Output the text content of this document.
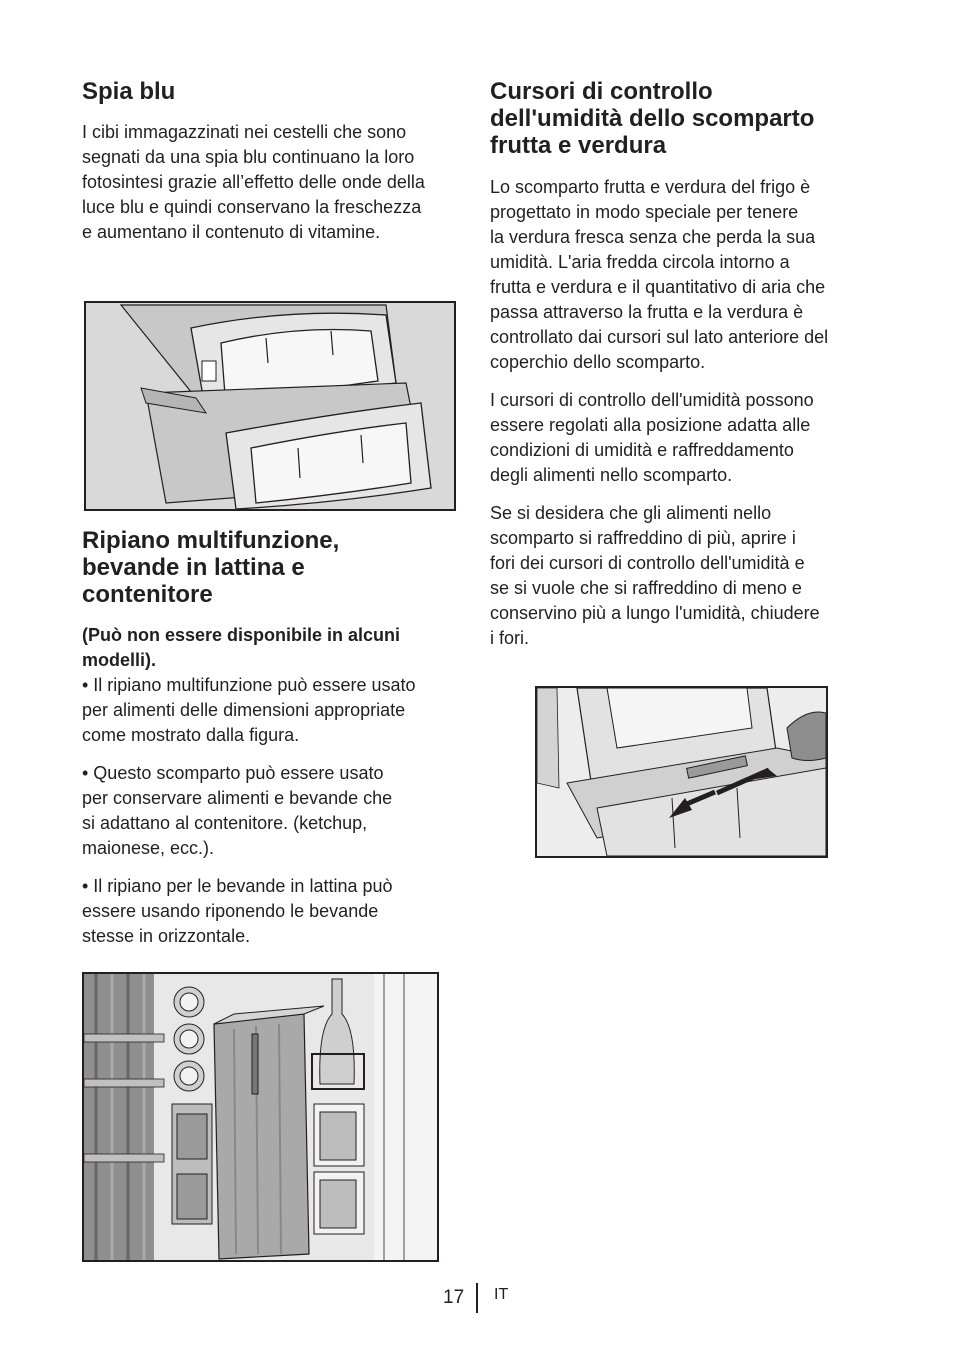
Spia blu

I cibi immagazzinati nei cestelli che sono
segnati da una spia blu continuano la loro
fotosintesi grazie all’effetto delle onde della
luce blu e quindi conservano la freschezza
e aumentano il contenuto di vitamine.

Ripiano multifunzione,
bevande in lattina e
contenitore

(Può non essere disponibile in alcuni
modelli).

• Il ripiano multifunzione può essere usato
per alimenti delle dimensioni appropriate
come mostrato dalla figura.

• Questo scomparto può essere usato
per conservare alimenti e bevande che
si adattano al contenitore. (ketchup,
maionese, ecc.).

• Il ripiano per le bevande in lattina può
essere usando riponendo le bevande
stesse in orizzontale.

Cursori di controllo
dell'umidità dello scomparto
frutta e verdura

Lo scomparto frutta e verdura del frigo è
progettato in modo speciale per tenere
la verdura fresca senza che perda la sua
umidità. L'aria fredda circola intorno a
frutta e verdura e il quantitativo di aria che
passa attraverso la frutta e la verdura è
controllato dai cursori sul lato anteriore del
coperchio dello scomparto.

I cursori di controllo dell'umidità possono
essere regolati alla posizione adatta alle
condizioni di umidità e raffreddamento
degli alimenti nello scomparto.

Se si desidera che gli alimenti nello
scomparto si raffreddino di più, aprire i
fori dei cursori di controllo dell'umidità e
se si vuole che si raffreddino di meno e
conservino più a lungo l'umidità, chiudere
i fori.

17 IT
